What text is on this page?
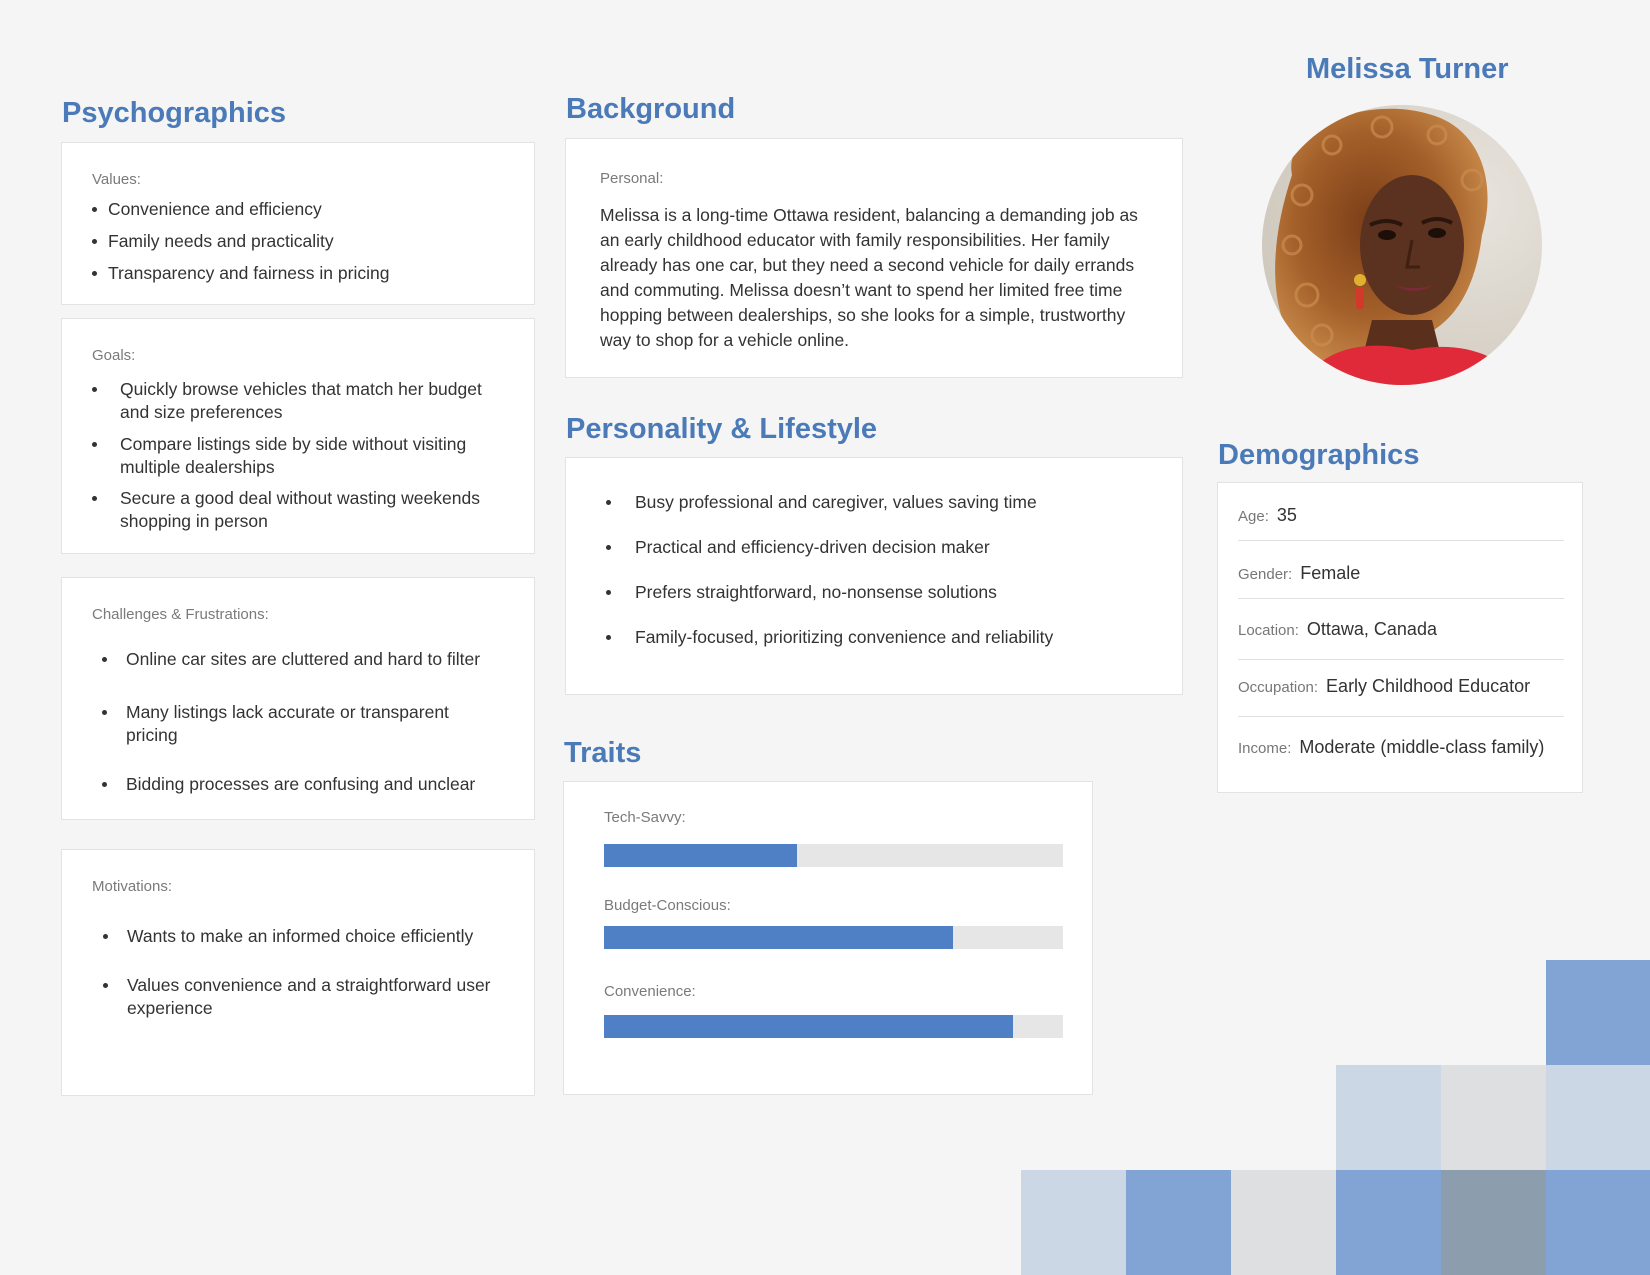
Psychographics
Values:
Convenience and efficiency
Family needs and practicality
Transparency and fairness in pricing
Goals:
Quickly browse vehicles that match her budget and size preferences
Compare listings side by side without visiting multiple dealerships
Secure a good deal without wasting weekends shopping in person
Challenges & Frustrations:
Online car sites are cluttered and hard to filter
Many listings lack accurate or transparent pricing
Bidding processes are confusing and unclear
Motivations:
Wants to make an informed choice efficiently
Values convenience and a straightforward user experience
Background
Personal:

Melissa is a long-time Ottawa resident, balancing a demanding job as an early childhood educator with family responsibilities. Her family already has one car, but they need a second vehicle for daily errands and commuting. Melissa doesn’t want to spend her limited free time hopping between dealerships, so she looks for a simple, trustworthy way to shop for a vehicle online.

Personality & Lifestyle
Busy professional and caregiver, values saving time
Practical and efficiency-driven decision maker
Prefers straightforward, no-nonsense solutions
Family-focused, prioritizing convenience and reliability
Traits
Tech-Savvy:
Budget-Conscious:
Convenience:
Melissa Turner
Demographics
Age: 35
Gender: Female
Location: Ottawa, Canada
Occupation: Early Childhood Educator
Income: Moderate (middle-class family)
